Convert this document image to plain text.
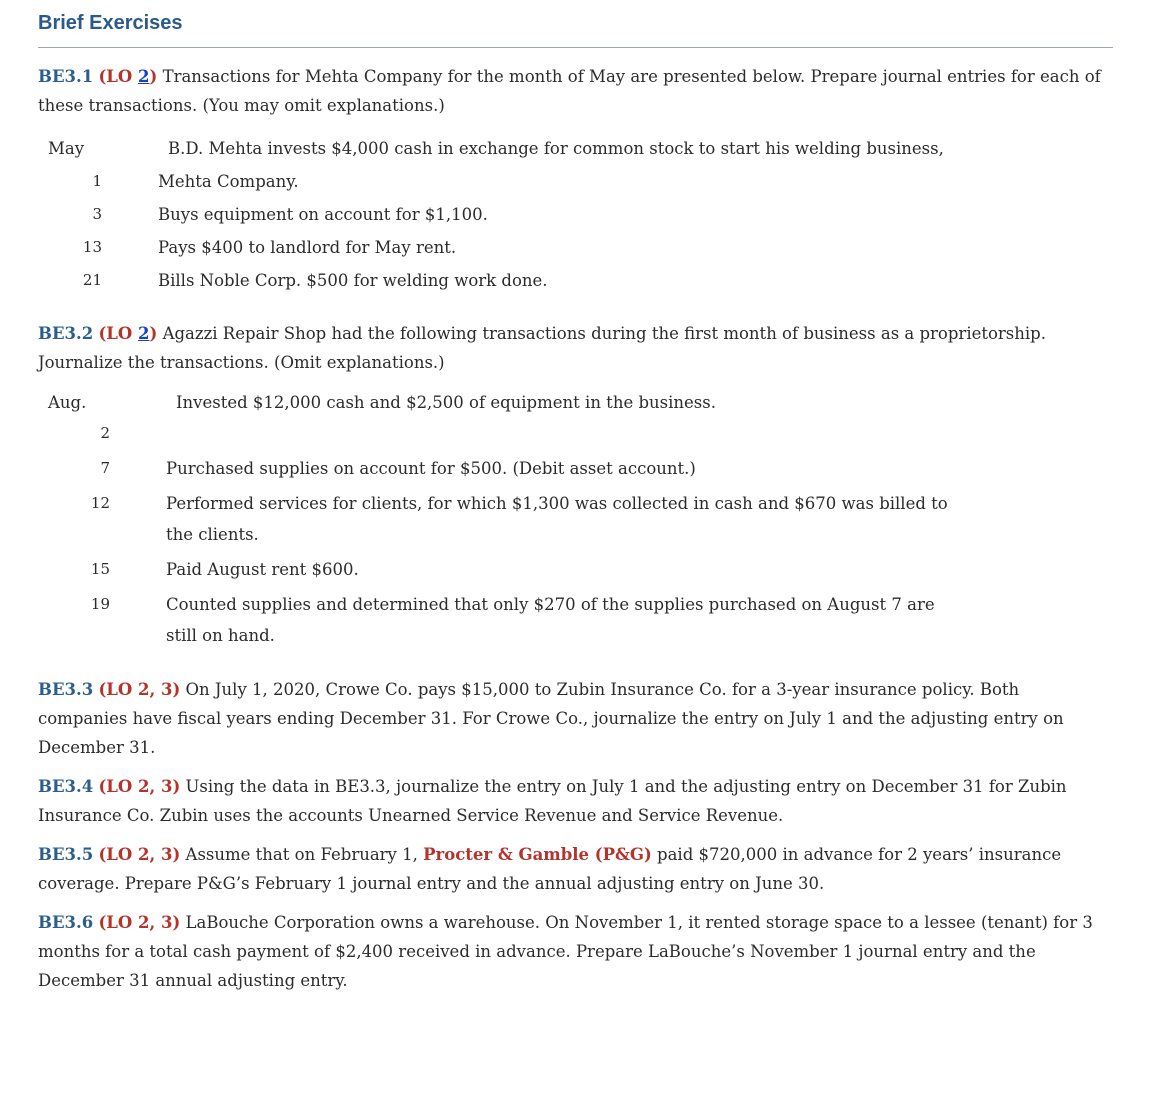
Brief Exercises

BE3.1 (LO 2) Transactions for Mehta Company for the month of May are presented below. Prepare journal entries for each of these transactions. (You may omit explanations.)

May	B.D. Mehta invests $4,000 cash in exchange for common stock to start his welding business,
1	Mehta Company.
3	Buys equipment on account for $1,100.
13	Pays $400 to landlord for May rent.
21	Bills Noble Corp. $500 for welding work done.

BE3.2 (LO 2) Agazzi Repair Shop had the following transactions during the first month of business as a proprietorship. Journalize the transactions. (Omit explanations.)

Aug.	Invested $12,000 cash and $2,500 of equipment in the business.
2
7	Purchased supplies on account for $500. (Debit asset account.)
12	Performed services for clients, for which $1,300 was collected in cash and $670 was billed to
the clients.
15	Paid August rent $600.
19	Counted supplies and determined that only $270 of the supplies purchased on August 7 are
still on hand.

BE3.3 (LO 2, 3) On July 1, 2020, Crowe Co. pays $15,000 to Zubin Insurance Co. for a 3-year insurance policy. Both companies have fiscal years ending December 31. For Crowe Co., journalize the entry on July 1 and the adjusting entry on December 31.

BE3.4 (LO 2, 3) Using the data in BE3.3, journalize the entry on July 1 and the adjusting entry on December 31 for Zubin Insurance Co. Zubin uses the accounts Unearned Service Revenue and Service Revenue.

BE3.5 (LO 2, 3) Assume that on February 1, Procter & Gamble (P&G) paid $720,000 in advance for 2 years’ insurance coverage. Prepare P&G’s February 1 journal entry and the annual adjusting entry on June 30.

BE3.6 (LO 2, 3) LaBouche Corporation owns a warehouse. On November 1, it rented storage space to a lessee (tenant) for 3 months for a total cash payment of $2,400 received in advance. Prepare LaBouche’s November 1 journal entry and the December 31 annual adjusting entry.
